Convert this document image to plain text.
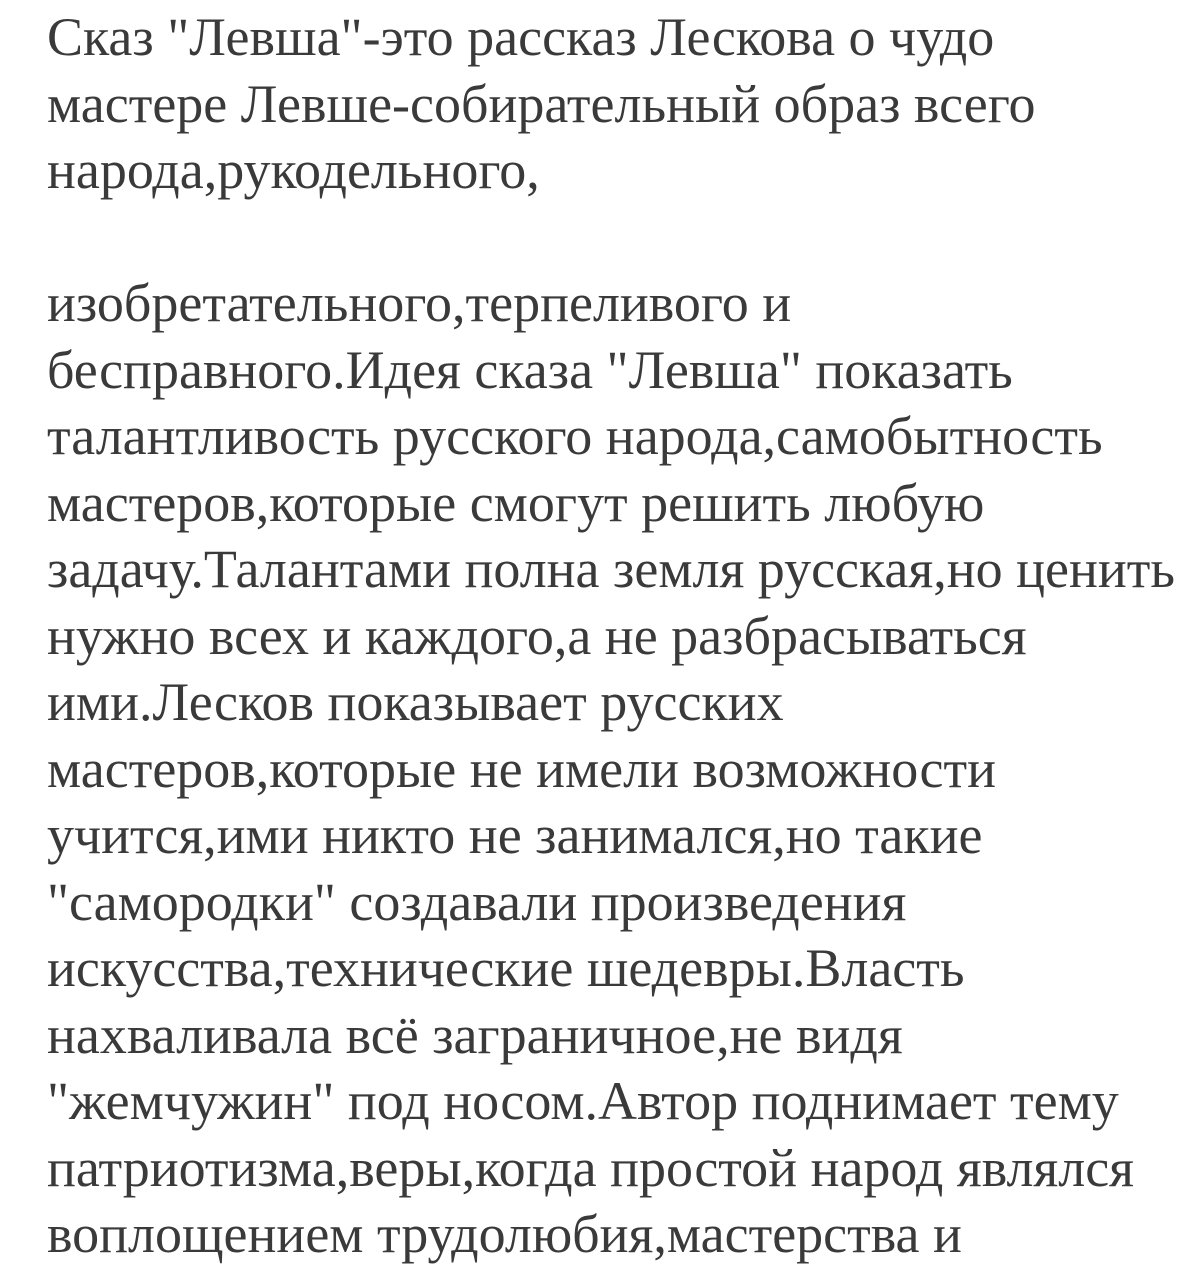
Сказ "Левша"-это рассказ Лескова о чудо
мастере Левше-собирательный образ всего
народа,рукодельного,
изобретательного,терпеливого и
бесправного.Идея сказа "Левша" показать
талантливость русского народа,самобытность
мастеров,которые смогут решить любую
задачу.Талантами полна земля русская,но ценить
нужно всех и каждого,а не разбрасываться
ими.Лесков показывает русских
мастеров,которые не имели возможности
учится,ими никто не занимался,но такие
"самородки" создавали произведения
искусства,технические шедевры.Власть
нахваливала всё заграничное,не видя
"жемчужин" под носом.Автор поднимает тему
патриотизма,веры,когда простой народ являлся
воплощением трудолюбия,мастерства и
